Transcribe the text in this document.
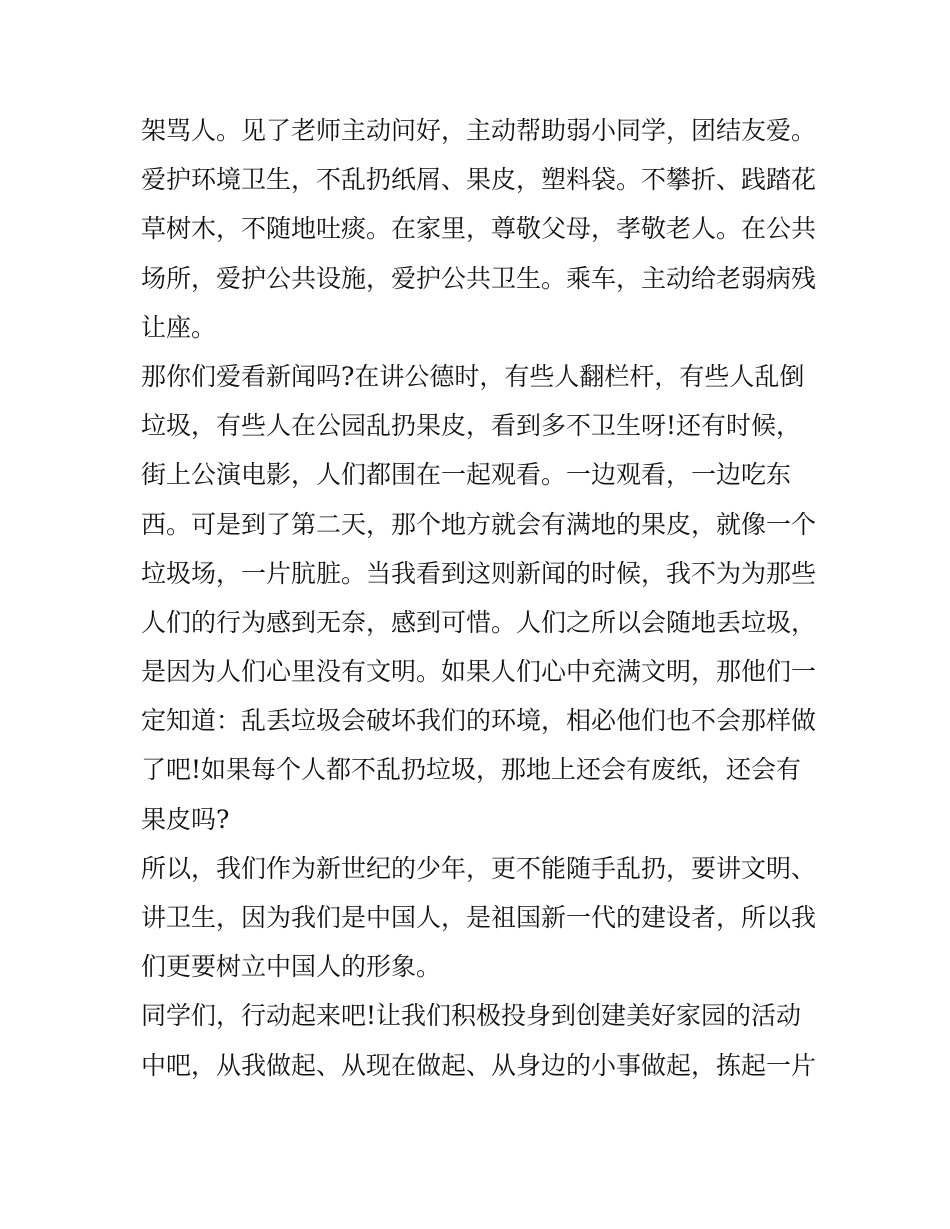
架骂人。见了老师主动问好，主动帮助弱小同学，团结友爱。
爱护环境卫生，不乱扔纸屑、果皮，塑料袋。不攀折、践踏花
草树木，不随地吐痰。在家里，尊敬父母，孝敬老人。在公共
场所，爱护公共设施，爱护公共卫生。乘车，主动给老弱病残
让座。
那你们爱看新闻吗?在讲公德时，有些人翻栏杆，有些人乱倒
垃圾，有些人在公园乱扔果皮，看到多不卫生呀!还有时候，
街上公演电影，人们都围在一起观看。一边观看，一边吃东
西。可是到了第二天，那个地方就会有满地的果皮，就像一个
垃圾场，一片肮脏。当我看到这则新闻的时候，我不为为那些
人们的行为感到无奈，感到可惜。人们之所以会随地丢垃圾，
是因为人们心里没有文明。如果人们心中充满文明，那他们一
定知道：乱丢垃圾会破坏我们的环境，相必他们也不会那样做
了吧!如果每个人都不乱扔垃圾，那地上还会有废纸，还会有
果皮吗?
所以，我们作为新世纪的少年，更不能随手乱扔，要讲文明、
讲卫生，因为我们是中国人，是祖国新一代的建设者，所以我
们更要树立中国人的形象。
同学们，行动起来吧!让我们积极投身到创建美好家园的活动
中吧，从我做起、从现在做起、从身边的小事做起，拣起一片
